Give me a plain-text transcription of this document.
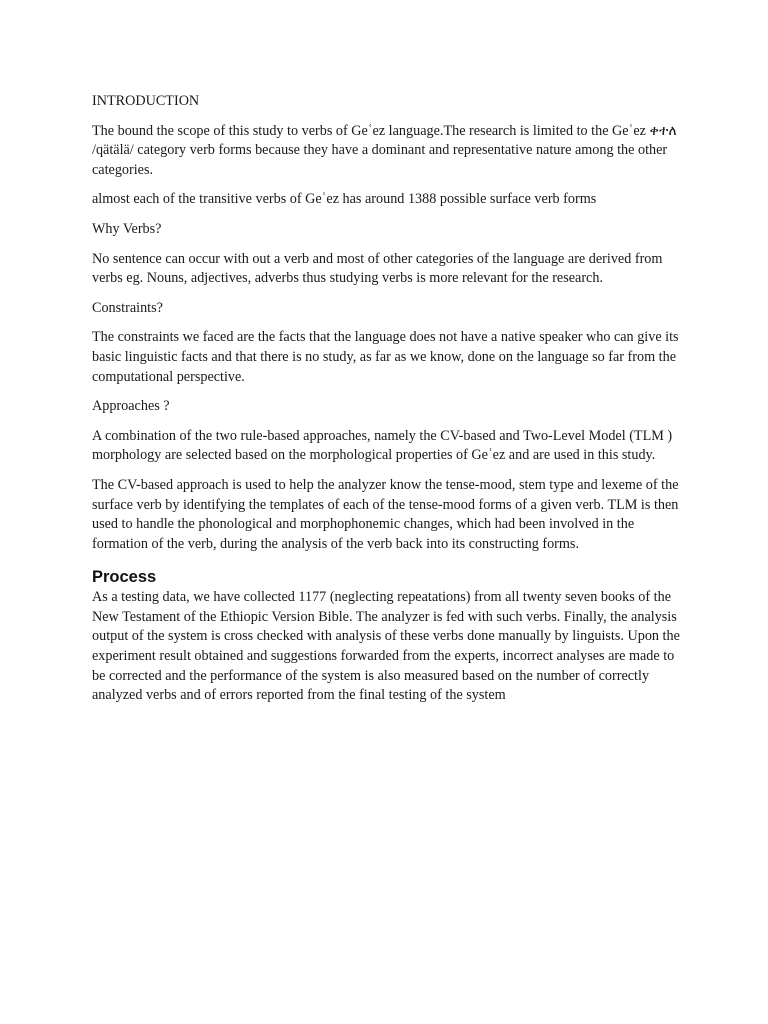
INTRODUCTION

The bound the scope of this study to verbs of Geʿez language.The research is limited to the Geʿez ቀተለ /qätälä/ category verb forms because they have a dominant and representative nature among the other categories.

almost each of the transitive verbs of Geʿez has around 1388 possible surface verb forms

Why Verbs?

No sentence can occur with out a verb and most of other categories of the language are derived from verbs eg. Nouns, adjectives, adverbs thus studying verbs is more relevant for the research.

Constraints?

The constraints we faced are the facts that the language does not have a native speaker who can give its basic linguistic facts and that there is no study, as far as we know, done on the language so far from the computational perspective.

Approaches ?

A combination of the two rule-based approaches, namely the CV-based and Two-Level Model (TLM ) morphology are selected based on the morphological properties of Geʿez and are used in this study.

The CV-based approach is used to help the analyzer know the tense-mood, stem type and lexeme of the surface verb by identifying the templates of each of the tense-mood forms of a given verb. TLM is then used to handle the phonological and morphophonemic changes, which had been involved in the formation of the verb, during the analysis of the verb back into its constructing forms.

Process

As a testing data, we have collected 1177 (neglecting repeatations) from all twenty seven books of the New Testament of the Ethiopic Version Bible. The analyzer is fed with such verbs. Finally, the analysis output of the system is cross checked with analysis of these verbs done manually by linguists. Upon the experiment result obtained and suggestions forwarded from the experts, incorrect analyses are made to be corrected and the performance of the system is also measured based on the number of correctly analyzed verbs and of errors reported from the final testing of the system
